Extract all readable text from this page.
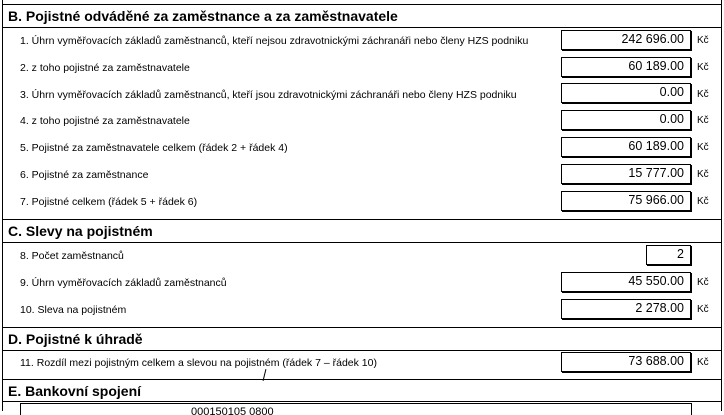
B. Pojistné odváděné za zaměstnance a za zaměstnavatele
1. Úhrn vyměřovacích základů zaměstnanců, kteří nejsou zdravotnickými záchranáři nebo členy HZS podniku	242 696.00	Kč
2. z toho pojistné za zaměstnavatele	60 189.00	Kč
3. Úhrn vyměřovacích základů zaměstnanců, kteří jsou zdravotnickými záchranáři nebo členy HZS podniku	0.00	Kč
4. z toho pojistné za zaměstnavatele	0.00	Kč
5. Pojistné za zaměstnavatele celkem (řádek 2 + řádek 4)	60 189.00	Kč
6. Pojistné za zaměstnance	15 777.00	Kč
7. Pojistné celkem (řádek 5 + řádek 6)	75 966.00	Kč
C. Slevy na pojistném
8. Počet zaměstnanců	2
9. Úhrn vyměřovacích základů zaměstnanců	45 550.00	Kč
10. Sleva na pojistném	2 278.00	Kč
D. Pojistné k úhradě
11. Rozdíl mezi pojistným celkem a slevou na pojistném (řádek 7 – řádek 10)	73 688.00	Kč
E. Bankovní spojení
000150105 0800
